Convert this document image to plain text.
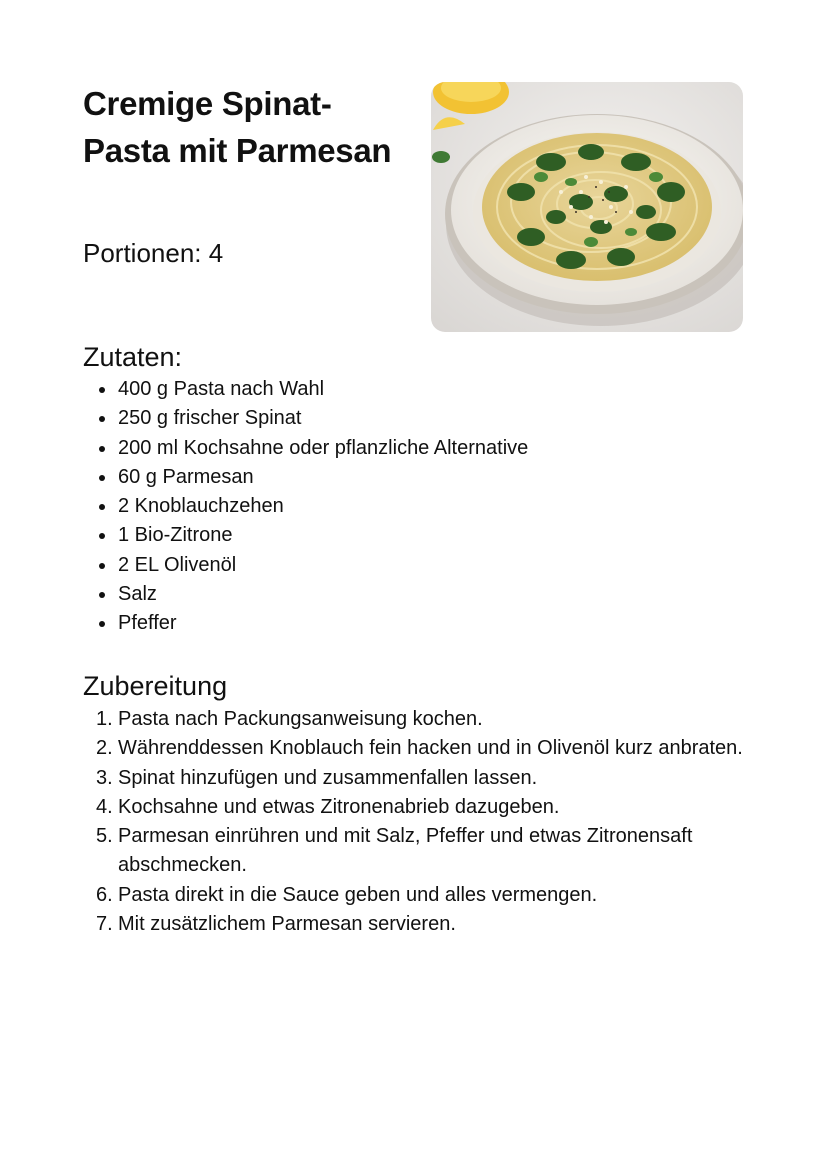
Cremige Spinat-Pasta mit Parmesan

Portionen: 4

Zutaten:
400 g Pasta nach Wahl
250 g frischer Spinat
200 ml Kochsahne oder pflanzliche Alternative
60 g Parmesan
2 Knoblauchzehen
1 Bio-Zitrone
2 EL Olivenöl
Salz
Pfeffer
Zubereitung
1. Pasta nach Packungsanweisung kochen.
2. Währenddessen Knoblauch fein hacken und in Olivenöl kurz anbraten.
3. Spinat hinzufügen und zusammenfallen lassen.
4. Kochsahne und etwas Zitronenabrieb dazugeben.
5. Parmesan einrühren und mit Salz, Pfeffer und etwas Zitronensaft abschmecken.
6. Pasta direkt in die Sauce geben und alles vermengen.
7. Mit zusätzlichem Parmesan servieren.
